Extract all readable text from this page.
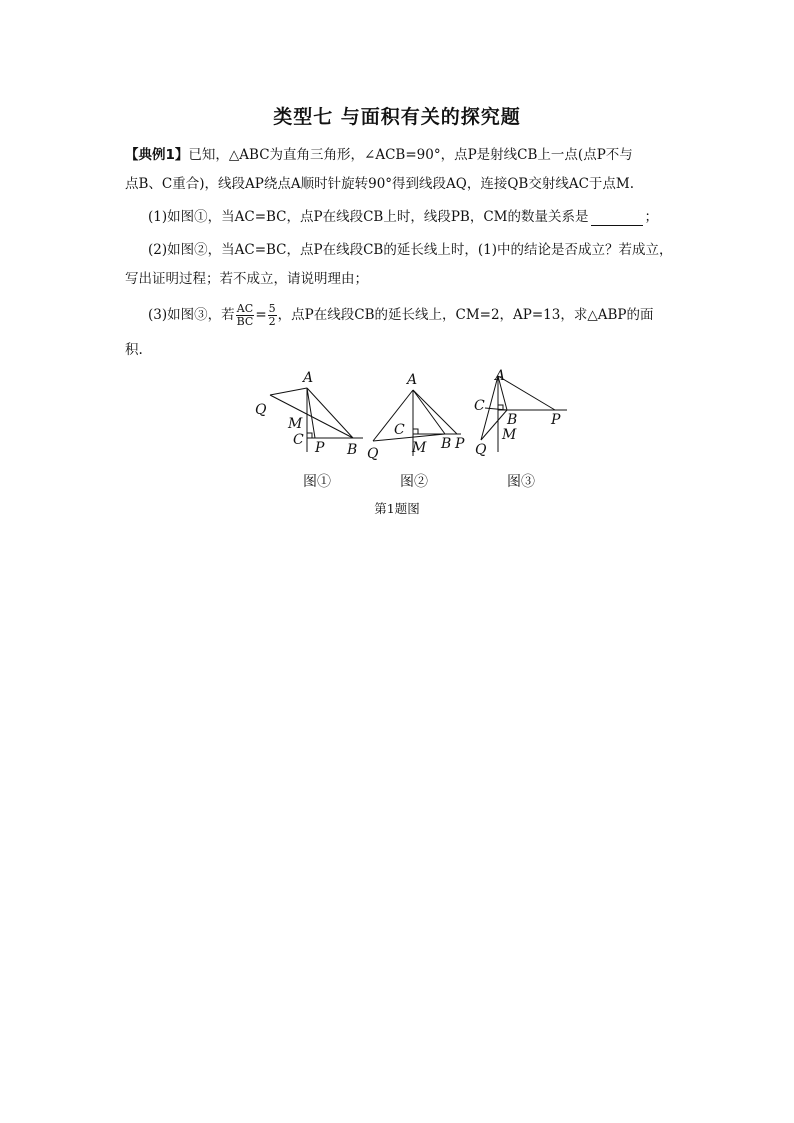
类型七 与面积有关的探究题
【典例1】已知，△ABC为直角三角形，∠ACB=90°，点P是射线CB上一点(点P不与
点B、C重合)，线段AP绕点A顺时针旋转90°得到线段AQ，连接QB交射线AC于点M.
(1)如图①，当AC=BC，点P在线段CB上时，线段PB，CM的数量关系是	；
(2)如图②，当AC=BC，点P在线段CB的延长线上时，(1)中的结论是否成立？若成立，
写出证明过程；若不成立，请说明理由；
(3)如图③，若 $\frac{AC}{BC} = \frac{5}{2}$ ，点P在线段CB的延长线上，CM=2，AP=13，求△ABP的面
积.
A
Q
M
C P B
A
C
M B P
Q
A
C
B
M
P
Q
图①	图②	图③
第1题图
